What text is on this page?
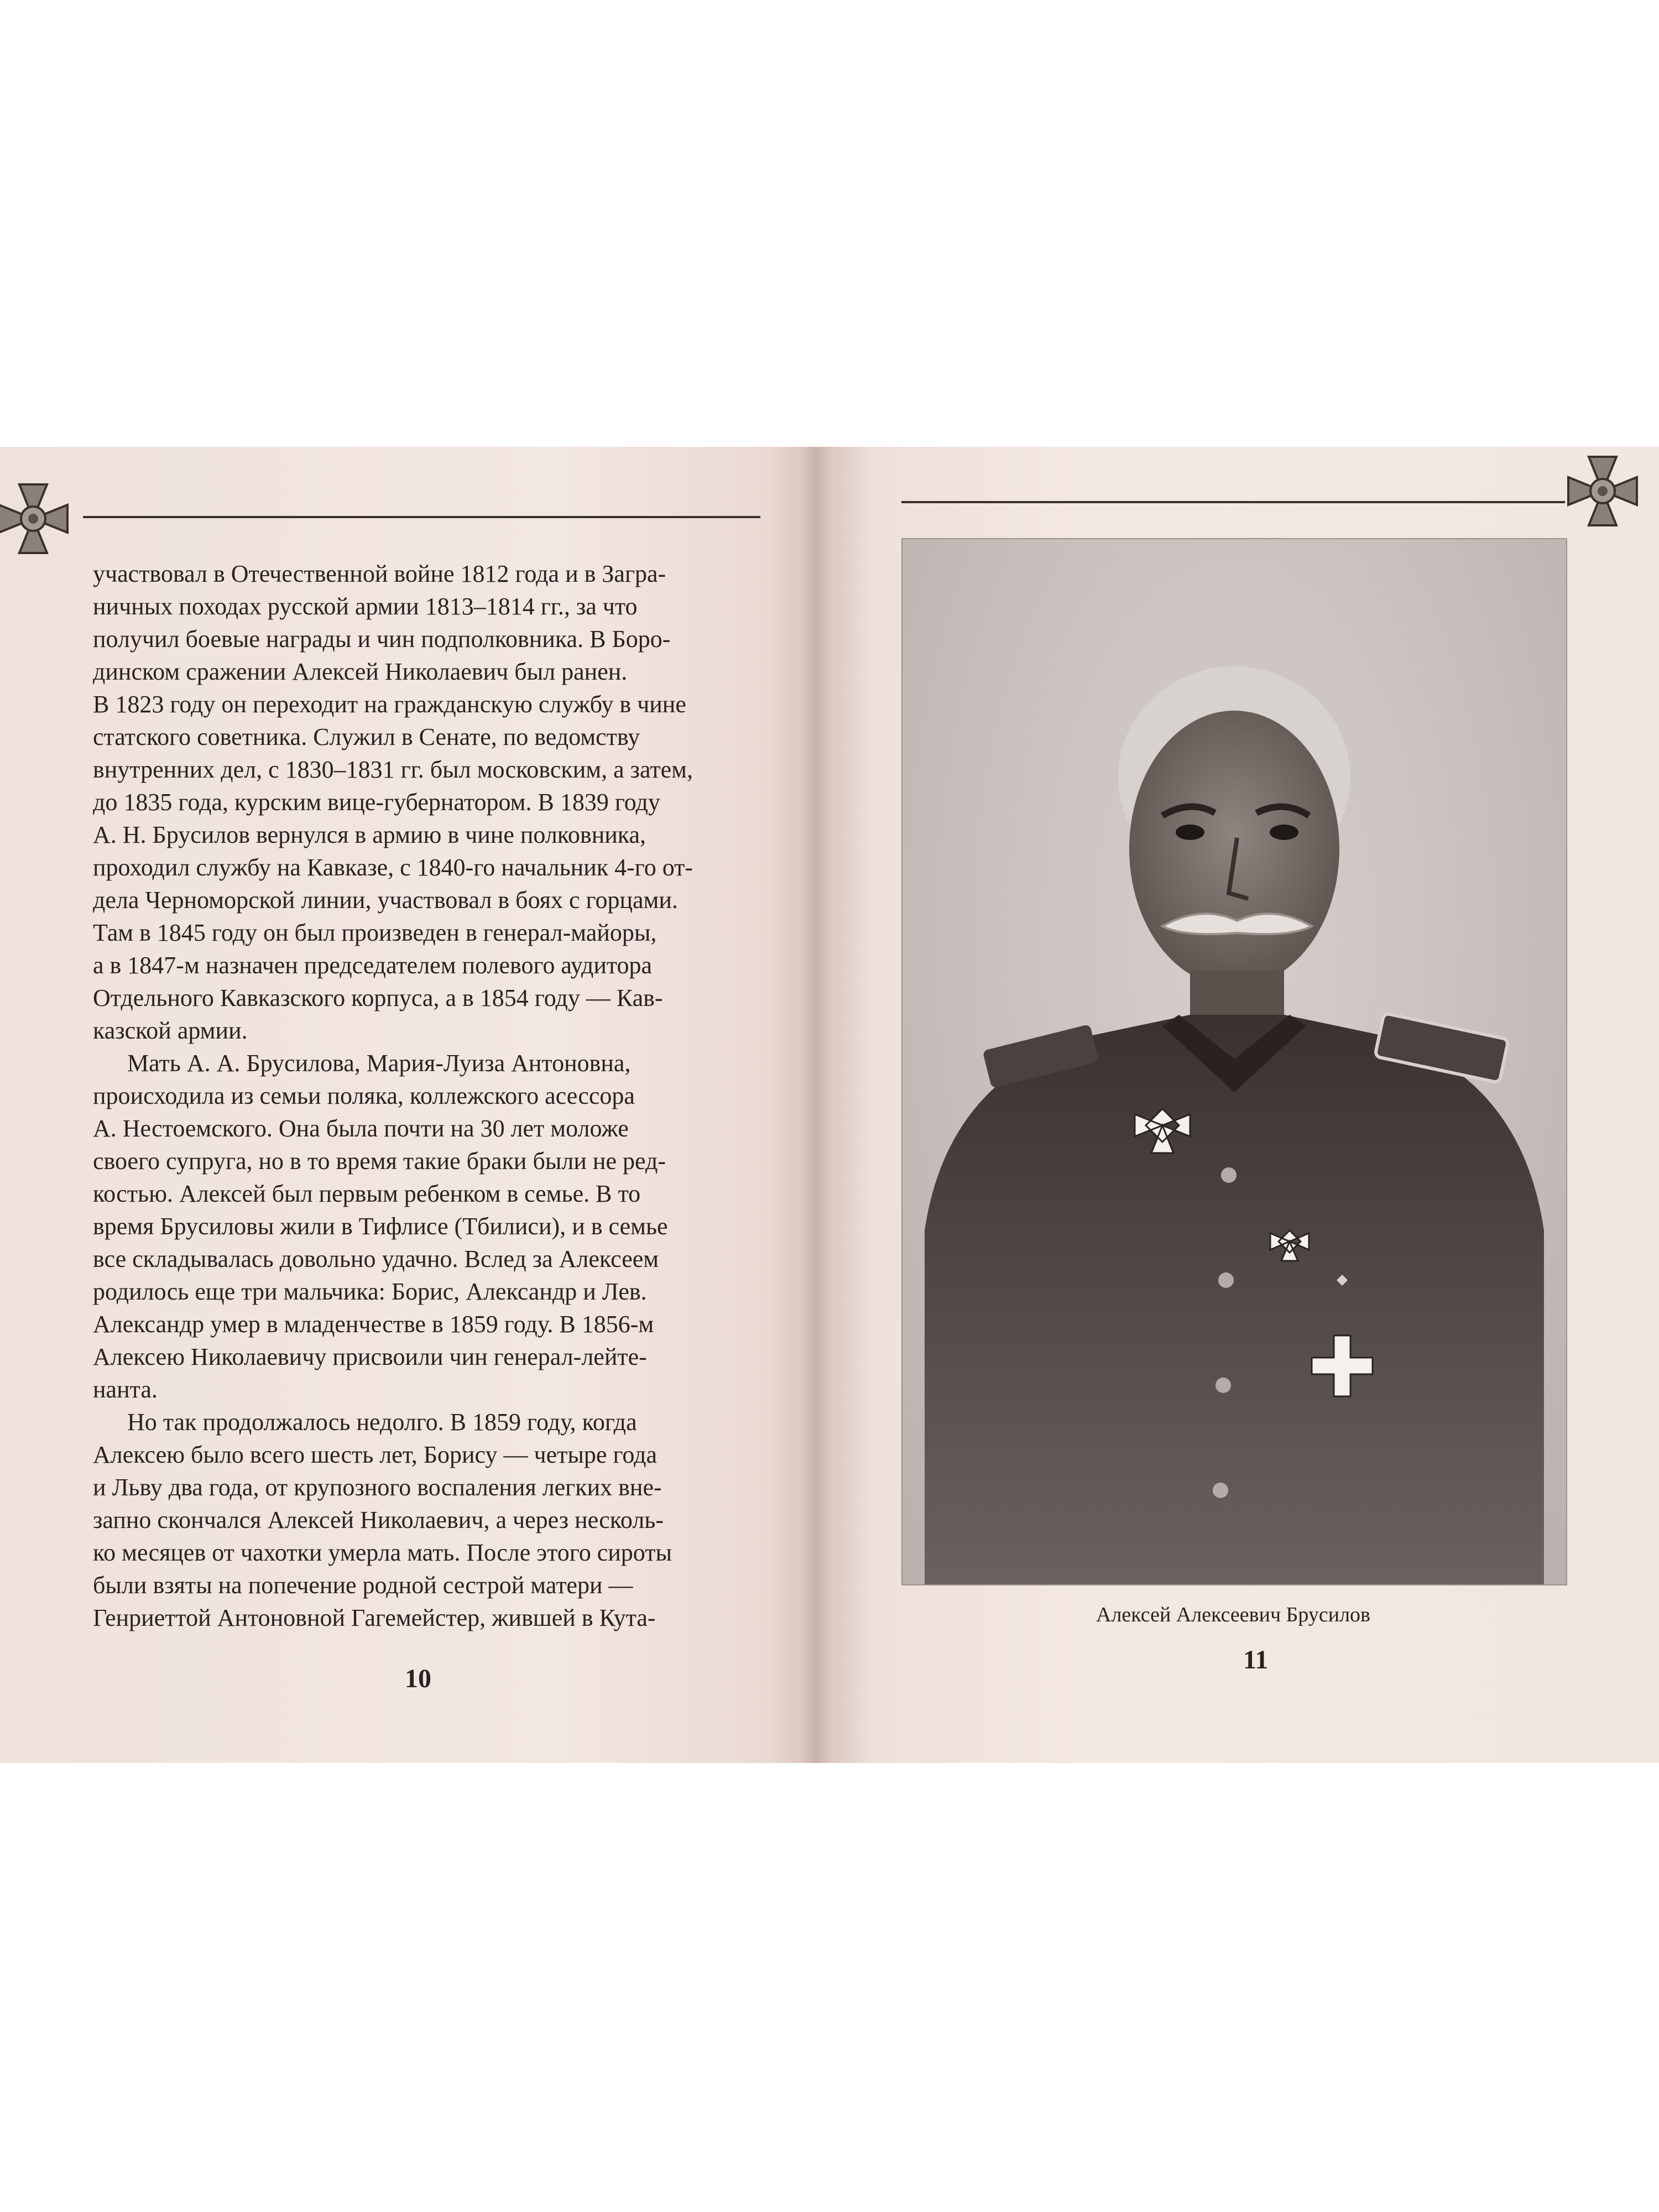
участвовал в Отечественной войне 1812 года и в Загра-
ничных походах русской армии 1813–1814 гг., за что
получил боевые награды и чин подполковника. В Боро-
динском сражении Алексей Николаевич был ранен.
В 1823 году он переходит на гражданскую службу в чине
статского советника. Служил в Сенате, по ведомству
внутренних дел, с 1830–1831 гг. был московским, а затем,
до 1835 года, курским вице-губернатором. В 1839 году
А. Н. Брусилов вернулся в армию в чине полковника,
проходил службу на Кавказе, с 1840-го начальник 4-го от-
дела Черноморской линии, участвовал в боях с горцами.
Там в 1845 году он был произведен в генерал-майоры,
а в 1847-м назначен председателем полевого аудитора
Отдельного Кавказского корпуса, а в 1854 году — Кав-
казской армии.

Мать А. А. Брусилова, Мария-Луиза Антоновна,
происходила из семьи поляка, коллежского асессора
А. Нестоемского. Она была почти на 30 лет моложе
своего супруга, но в то время такие браки были не ред-
костью. Алексей был первым ребенком в семье. В то
время Брусиловы жили в Тифлисе (Тбилиси), и в семье
все складывалась довольно удачно. Вслед за Алексеем
родилось еще три мальчика: Борис, Александр и Лев.
Александр умер в младенчестве в 1859 году. В 1856-м
Алексею Николаевичу присвоили чин генерал-лейте-
нанта.

Но так продолжалось недолго. В 1859 году, когда
Алексею было всего шесть лет, Борису — четыре года
и Льву два года, от крупозного воспаления легких вне-
запно скончался Алексей Николаевич, а через несколь-
ко месяцев от чахотки умерла мать. После этого сироты
были взяты на попечение родной сестрой матери —
Генриеттой Антоновной Гагемейстер, жившей в Кута-

10
Алексей Алексеевич Брусилов
11
